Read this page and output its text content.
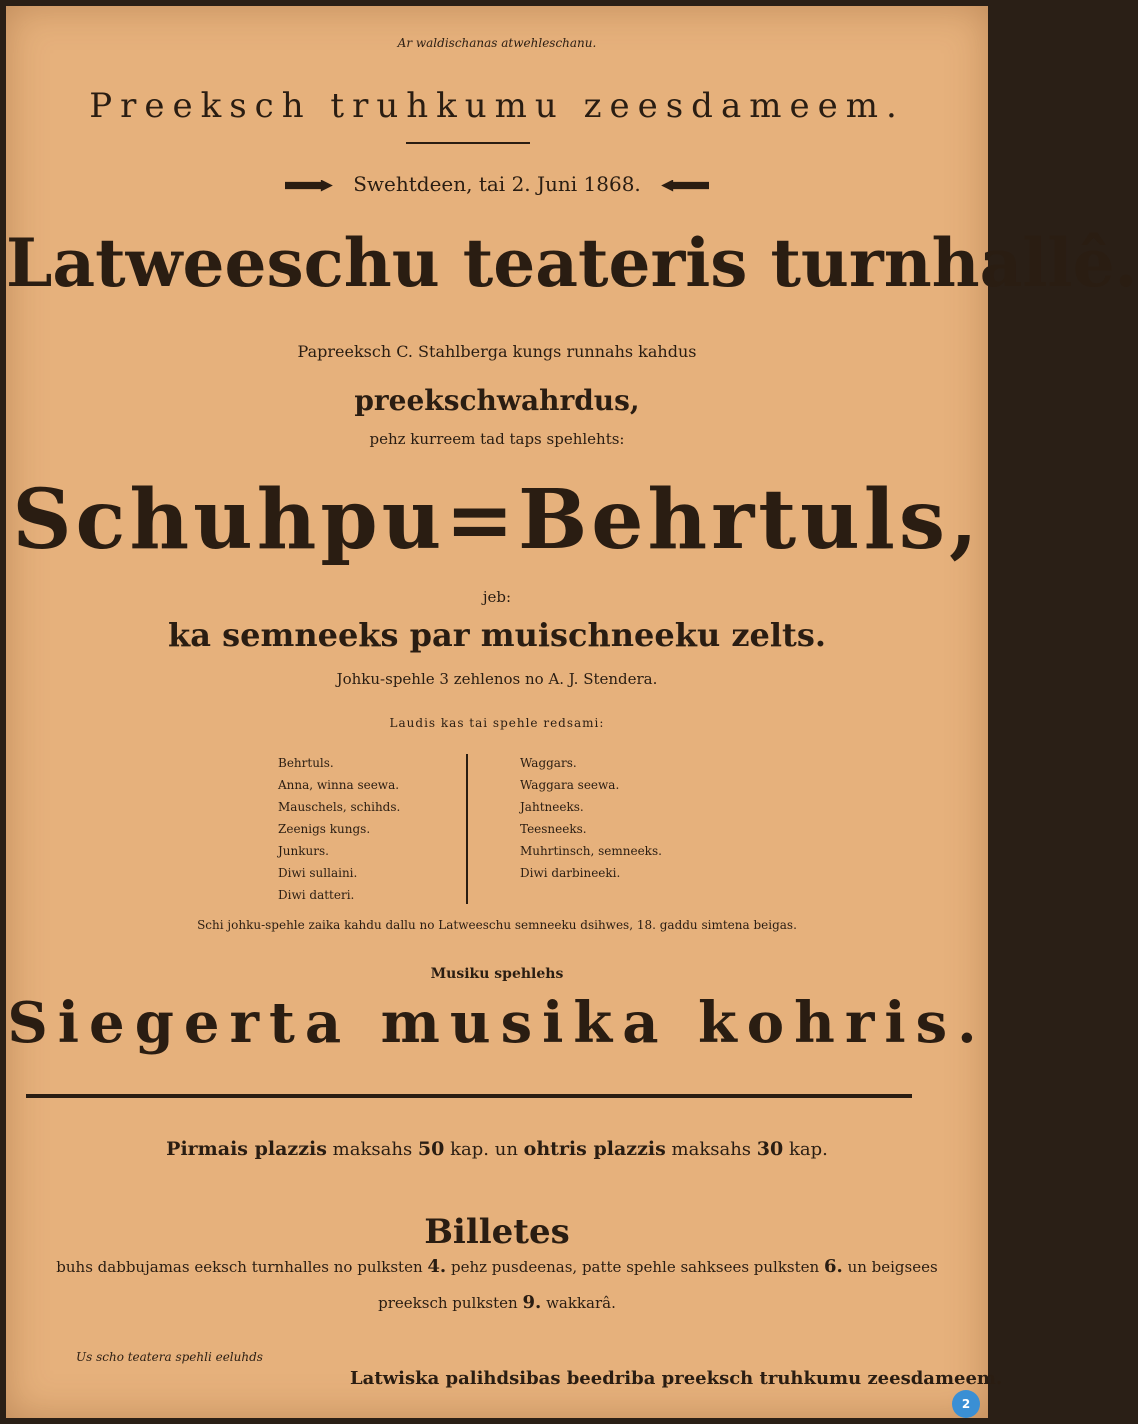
Ar waldischanas atwehleschanu.
Preeksch truhkumu zeesdameem.
Swehtdeen, tai 2. Juni 1868.
Latweeschu teateris turnhallê.
Papreeksch C. Stahlberga kungs runnahs kahdus
preekschwahrdus,
pehz kurreem tad taps spehlehts:
Schuhpu=Behrtuls,
jeb:
ka semneeks par muischneeku zelts.
Johku-spehle 3 zehlenos no A. J. Stendera.
Laudis kas tai spehle redsami:
Behrtuls.
Anna, winna seewa.
Mauschels, schihds.
Zeenigs kungs.
Junkurs.
Diwi sullaini.
Diwi datteri.
Waggars.
Waggara seewa.
Jahtneeks.
Teesneeks.
Muhrtinsch, semneeks.
Diwi darbineeki.
Schi johku-spehle zaika kahdu dallu no Latweeschu semneeku dsihwes, 18. gaddu simtena beigas.
Musiku spehlehs
Siegerta musika kohris.
Pirmais plazzis maksahs 50 kap. un ohtris plazzis maksahs 30 kap.
Billetes
buhs dabbujamas eeksch turnhalles no pulksten 4. pehz pusdeenas, patte spehle sahksees pulksten 6. un beigsees
preeksch pulksten 9. wakkarâ.
Us scho teatera spehli eeluhds
Latwiska palihdsibas beedriba preeksch truhkumu zeesdameem.
2
